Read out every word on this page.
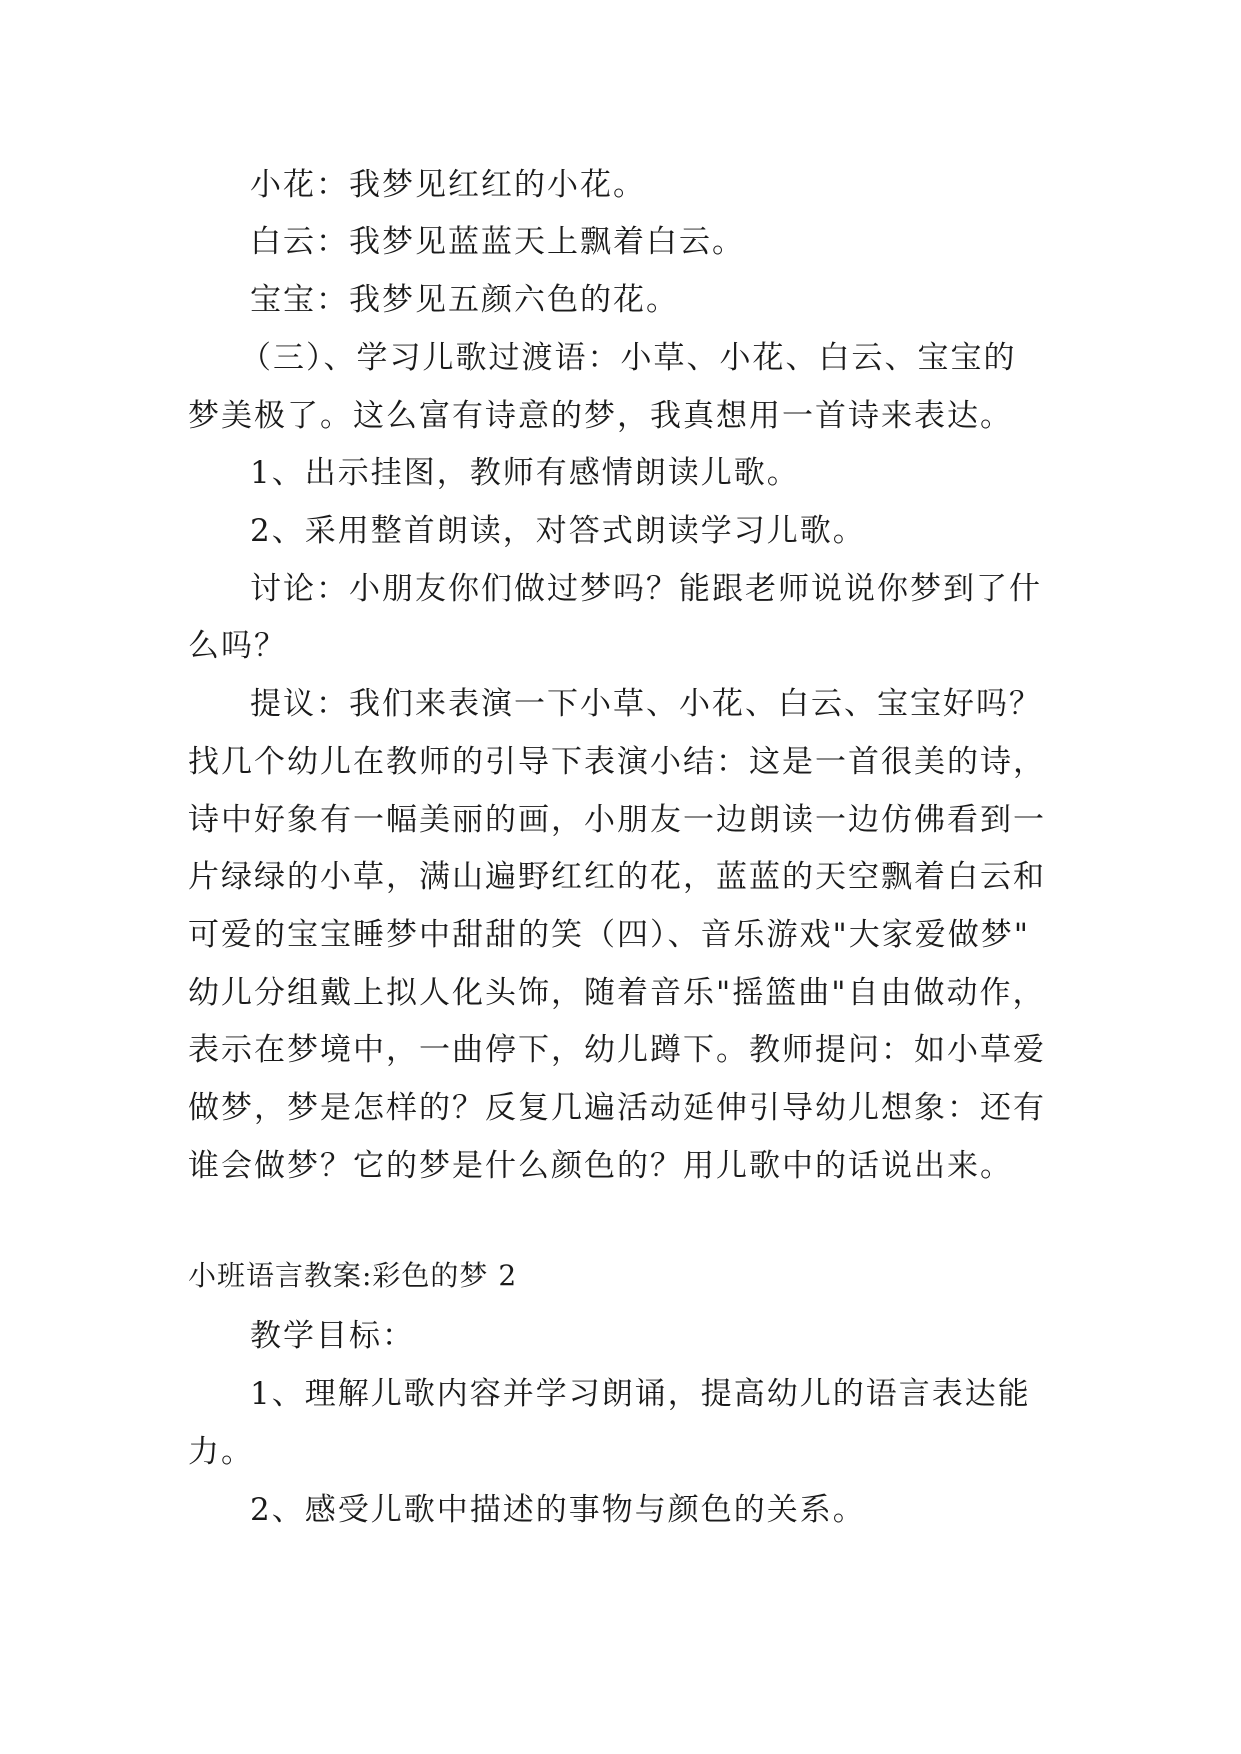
小花：我梦见红红的小花。
白云：我梦见蓝蓝天上飘着白云。
宝宝：我梦见五颜六色的花。
（三）、学习儿歌过渡语：小草、小花、白云、宝宝的
梦美极了。这么富有诗意的梦，我真想用一首诗来表达。
1、出示挂图，教师有感情朗读儿歌。
2、采用整首朗读，对答式朗读学习儿歌。
讨论：小朋友你们做过梦吗？能跟老师说说你梦到了什
么吗？
提议：我们来表演一下小草、小花、白云、宝宝好吗？
找几个幼儿在教师的引导下表演小结：这是一首很美的诗，
诗中好象有一幅美丽的画，小朋友一边朗读一边仿佛看到一
片绿绿的小草，满山遍野红红的花，蓝蓝的天空飘着白云和
可爱的宝宝睡梦中甜甜的笑（四）、音乐游戏"大家爱做梦"
幼儿分组戴上拟人化头饰，随着音乐"摇篮曲"自由做动作，
表示在梦境中，一曲停下，幼儿蹲下。教师提问：如小草爱
做梦，梦是怎样的？反复几遍活动延伸引导幼儿想象：还有
谁会做梦？它的梦是什么颜色的？用儿歌中的话说出来。
小班语言教案:彩色的梦 2
教学目标：
1、理解儿歌内容并学习朗诵，提高幼儿的语言表达能
力。
2、感受儿歌中描述的事物与颜色的关系。
